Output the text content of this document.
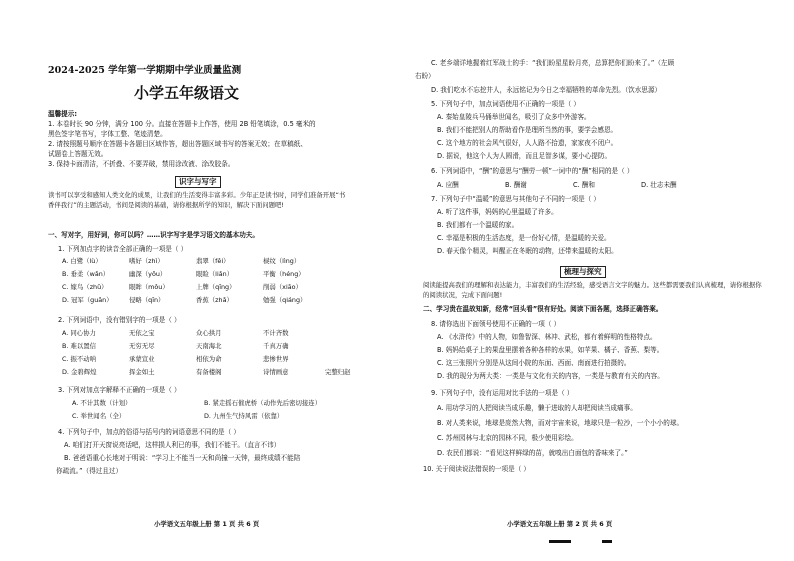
2024-2025 学年第一学期期中学业质量监测
小学五年级语文
温馨提示:
1. 本卷时长 90 分钟，满分 100 分。直接在答题卡上作答，使用 2B 铅笔填涂，0.5 毫米的
黑色签字笔书写，字体工整、笔迹清楚。
2. 请按照题号顺序在答题卡各题目区域作答，超出答题区域书写的答案无效；在草稿纸、
试题卷上答题无效。
3. 保持卡面清洁，不折叠、不要弄破，禁用涂改液、涂改胶条。
识字与写字
读书可以享受和感知人类文化的成果，让我们的生活变得丰富多彩。少年正是读书时，同学们准备开展“书香伴我行”的主题活动，书间是阅读的基础，请你根据所学的知识，解决下面问题吧!
一、写对字，用好词，你可以吗？……识字写字是学习语文的基本功夫。
1. 下列加点字的读音全部正确的一项是（ ）
A. 白鹭（lù）	嗜好（zhì）	翡翠（fěi）	棂纹（lìng）
B. 垂柔（wǎn）	幽深（yōu）	眼睑（liǎn）	平衡（héng）
C. 嫁鸟（zhǔ）	眼眸（mǒu）	上牌（qīng）	削弱（xiāo）
D. 冠军（guān）	侵略（qīn）	香蕉（zhǎ）	勉强（qiáng）
2. 下列词语中，没有错别字的一项是（ ）
A. 同心协力	无依之宝	众心拱月	不计齐数
B. 难以置信	无穷无尽	天南海北	千真万确
C. 振不动呐	承蒙宣业	相依为命	悲惨世界
D. 金碧辉煌	挥金如土	有备楼阁	诗情画意	完整归赵
3. 下列对加点字解释不正确的一项是（ ）
A. 不计其数（计划）	B. 紧走摇石催虎桥（动作先后密切接连）
C. 举世闻名（全）	D. 九州生气恃风雷（依靠）
4. 下列句子中，加点的俗语与括号内的词语意思不同的是（ ）
A. 咱们打开天窗说亮话吧，这样损人利已的事，我们不能干。（直言不讳）
B. 爸爸语重心长地对于明说：“学习上不能当一天和尚撞一天钟，最终成绩不能陪
你疏流。”（得过且过）
小学语文五年级上册 第 1 页 共 6 页
C. 老乡端详地握着红军战士的手：“我们盼星星盼月亮，总算把你们盼来了。”（左顾
右盼）
D. 我们吃水不忘挖井人，永远铭记为今日之幸福牺牲的革命先烈。（饮水思源）
5. 下列句子中，加点词语使用不正确的一项是（ ）
A. 秦始皇陵兵马俑举世闻名，吸引了众多中外游客。
B. 我们不能把别人的帮助看作是理所当然的事，要学会感恩。
C. 这个地方的社会风气很好，人人路不拾遗，家家夜不闭户。
D. 据说，他这个人为人圆滑，而且足智多谋，要小心提防。
6. 下列词语中，“酬”的意思与“酬劳一顿”一词中的“酬”相同的是（ ）
A. 应酬	B. 酬谢	C. 酬和	D. 壮志未酬
7. 下列句子中“温暖”的意思与其他句子不同的一项是（ ）
A. 听了这件事，妈妈的心里温暖了许多。
B. 我们都有一个温暖的家。
C. 幸福是积极的生活态度，是一份好心情，是温暖的关爱。
D. 春天像个精灵，叫醒正在冬眠的动物，还带来温暖的太阳。
梳理与探究
阅读能提高我们的理解和表达能力，丰富我们的生活经验，感受语言文字的魅力。这些都需要我们认真梳理，请你根据你的阅读状况，完成下面问题!
二、学习贵在温故知新，经常“回头看”很有好处。阅读下面各题，选择正确答案。
8. 请你选出下面领号使用不正确的一项（ ）
A. 《水浒传》中的人物，如鲁智深、林冲、武松，都有着鲜明的性格特点。
B. 妈妈给桌子上的果盘里摆着各种各样的水果，如苹果、橘子、香蕉、梨等。
C. 这三张照片分别是从这间小院的东面、西面、南面进行拍摄的。
D. 我的现分为两大类：一类是与文化有关的内容，一类是与教育有关的内容。
9. 下列句子中，没有运用对比手法的一项是（ ）
A. 用功学习的人把阅读当成乐趣，懒于进取的人却把阅读当成痛事。
B. 对人类来说，地球是庞然大物，而对宇宙来说，地球只是一粒沙，一个小小的球。
C. 苏州园林与北京的园林不同，极少使用彩绘。
D. 农民们都说：“看见这样鲜绿的苗，就嗅出白面包的香味来了。”
10. 关于阅读说法错误的一项是（ ）
小学语文五年级上册 第 2 页 共 6 页
